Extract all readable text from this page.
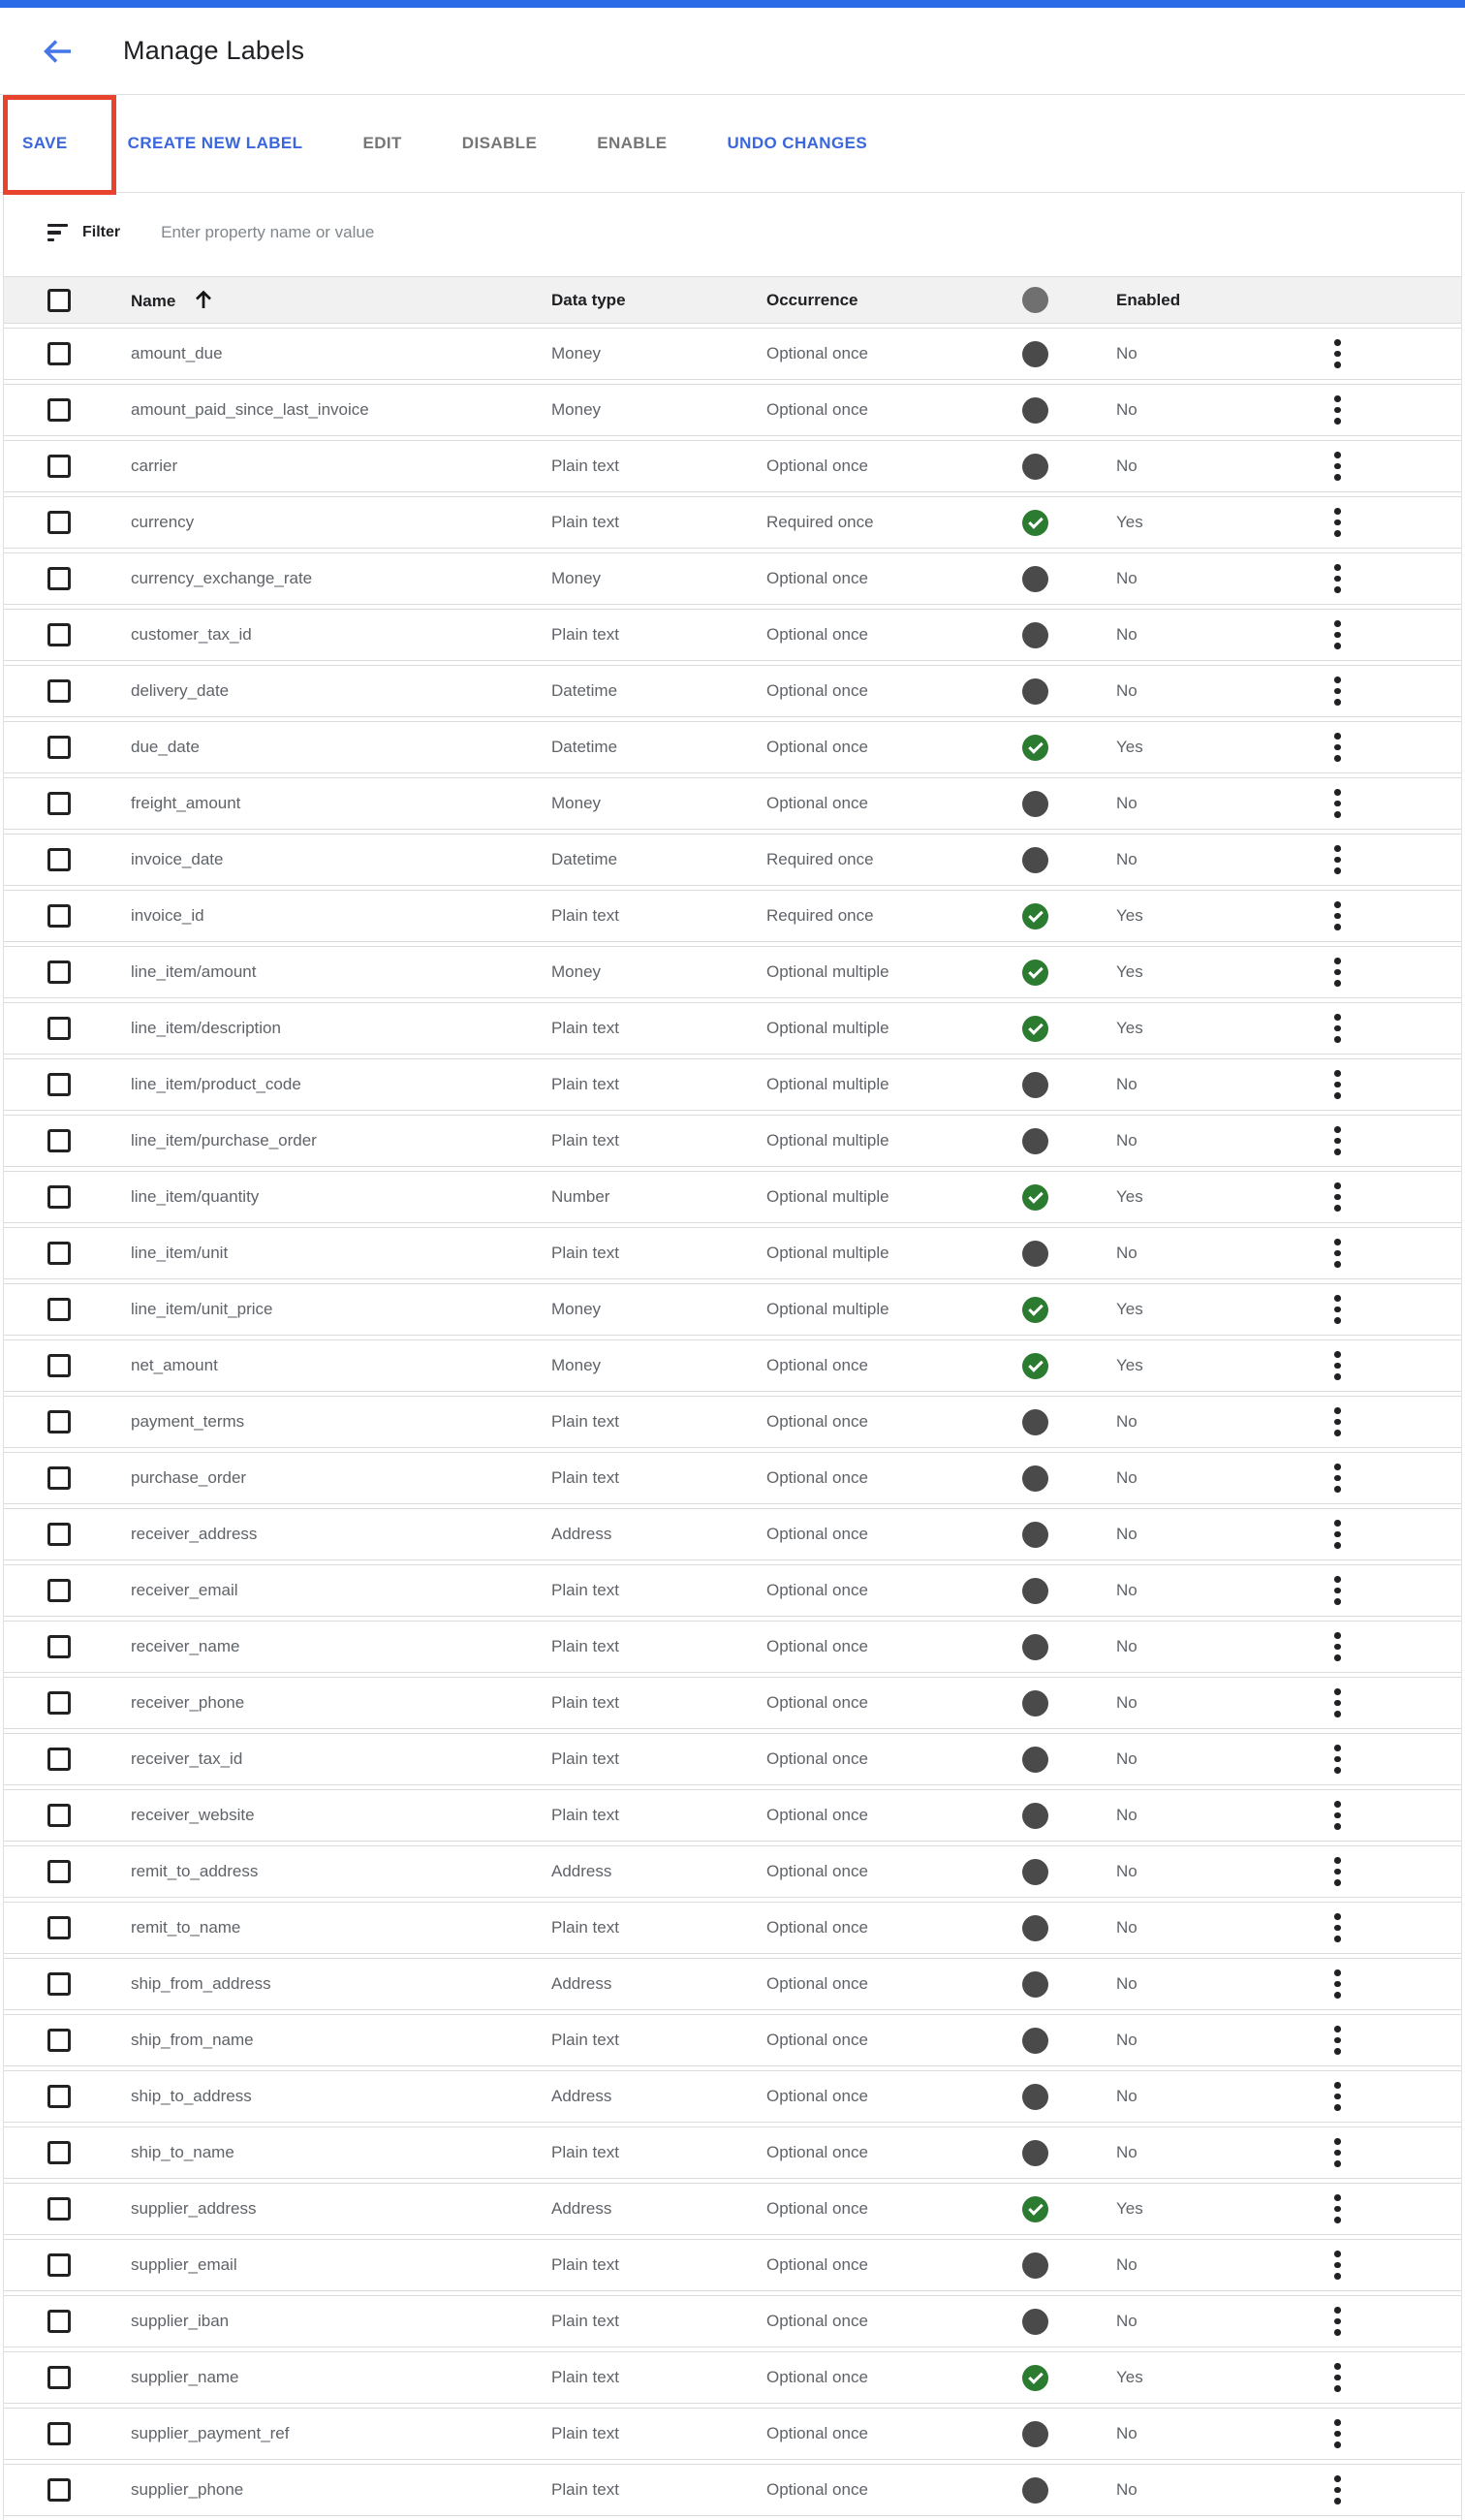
Manage Labels
SAVE	CREATE NEW LABEL	EDIT	DISABLE	ENABLE	UNDO CHANGES
Filter Enter property name or value
	Name	Data type	Occurrence		Enabled	

	amount_due	Money	Optional once		No	

	amount_paid_since_last_invoice	Money	Optional once		No	

	carrier	Plain text	Optional once		No	

	currency	Plain text	Required once		Yes	

	currency_exchange_rate	Money	Optional once		No	

	customer_tax_id	Plain text	Optional once		No	

	delivery_date	Datetime	Optional once		No	

	due_date	Datetime	Optional once		Yes	

	freight_amount	Money	Optional once		No	

	invoice_date	Datetime	Required once		No	

	invoice_id	Plain text	Required once		Yes	

	line_item/amount	Money	Optional multiple		Yes	

	line_item/description	Plain text	Optional multiple		Yes	

	line_item/product_code	Plain text	Optional multiple		No	

	line_item/purchase_order	Plain text	Optional multiple		No	

	line_item/quantity	Number	Optional multiple		Yes	

	line_item/unit	Plain text	Optional multiple		No	

	line_item/unit_price	Money	Optional multiple		Yes	

	net_amount	Money	Optional once		Yes	

	payment_terms	Plain text	Optional once		No	

	purchase_order	Plain text	Optional once		No	

	receiver_address	Address	Optional once		No	

	receiver_email	Plain text	Optional once		No	

	receiver_name	Plain text	Optional once		No	

	receiver_phone	Plain text	Optional once		No	

	receiver_tax_id	Plain text	Optional once		No	

	receiver_website	Plain text	Optional once		No	

	remit_to_address	Address	Optional once		No	

	remit_to_name	Plain text	Optional once		No	

	ship_from_address	Address	Optional once		No	

	ship_from_name	Plain text	Optional once		No	

	ship_to_address	Address	Optional once		No	

	ship_to_name	Plain text	Optional once		No	

	supplier_address	Address	Optional once		Yes	

	supplier_email	Plain text	Optional once		No	

	supplier_iban	Plain text	Optional once		No	

	supplier_name	Plain text	Optional once		Yes	

	supplier_payment_ref	Plain text	Optional once		No	

	supplier_phone	Plain text	Optional once		No	
